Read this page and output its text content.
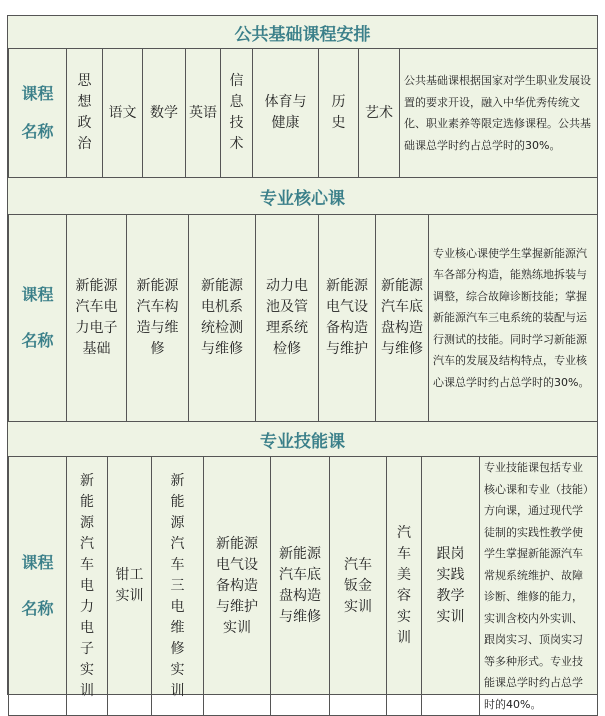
公共基础课程安排
课程
名称
	思想政治	语文	数学	英语	信息技术	体育与健康	历史	艺术	公共基础课根据国家对学生职业发展设置的要求开设，融入中华优秀传统文化、职业素养等限定选修课程。公共基础课总学时约占总学时的30%。
专业核心课
课程
名称
	新能源汽车电力电子基础	新能源汽车构造与维修	新能源电机系统检测与维修	动力电池及管理系统检修	新能源电气设备构造与维护	新能源汽车底盘构造与维修	专业核心课使学生掌握新能源汽车各部分构造，能熟练地拆装与调整，综合故障诊断技能；掌握新能源汽车三电系统的装配与运行测试的技能。同时学习新能源汽车的发展及结构特点，专业核心课总学时约占总学时的30%。
专业技能课
课程
名称
	新能源汽车电力电子实训	钳工实训	新能源汽车三电维修实训	新能源电气设备构造与维护实训	新能源汽车底盘构造与维修	汽车钣金实训	汽车美容实训	跟岗实践教学实训	专业技能课包括专业核心课和专业（技能）方向课，通过现代学徒制的实践性教学使学生掌握新能源汽车常规系统维护、故障诊断、维修的能力，实训含校内外实训、跟岗实习、顶岗实习等多种形式。专业技能课总学时约占总学时的40%。
